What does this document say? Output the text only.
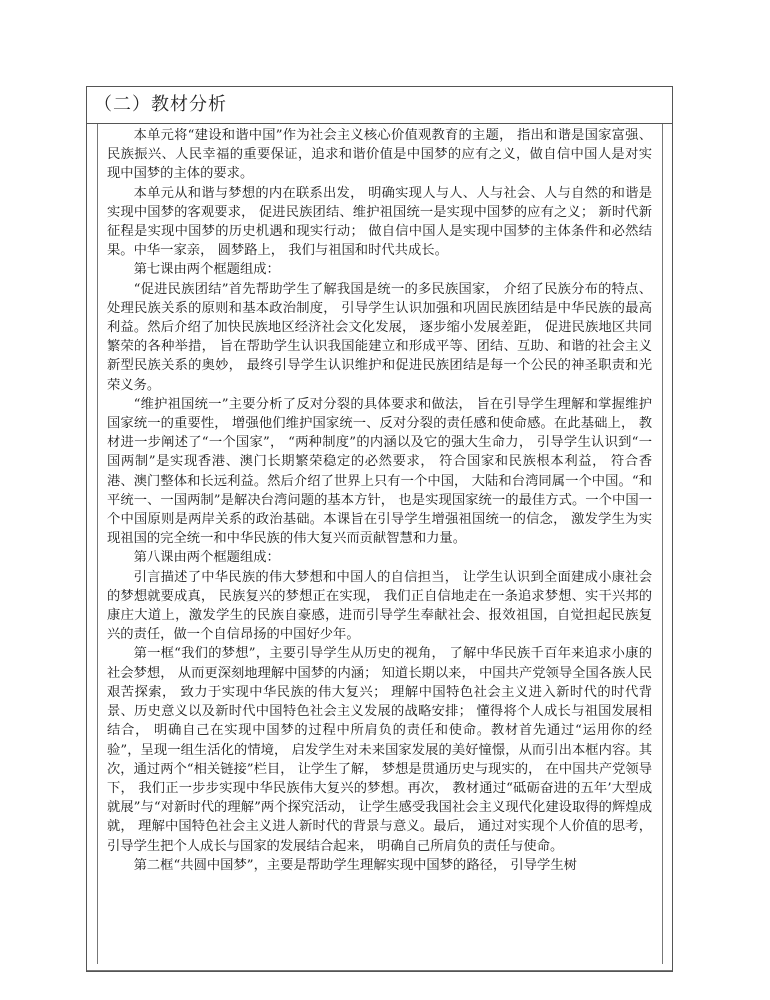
（二）教材分析

本单元将“建设和谐中国”作为社会主义核心价值观教育的主题， 指出和谐是国家富强、民族振兴、人民幸福的重要保证，追求和谐价值是中国梦的应有之义，做自信中国人是对实现中国梦的主体的要求。

本单元从和谐与梦想的内在联系出发， 明确实现人与人、人与社会、人与自然的和谐是实现中国梦的客观要求， 促进民族团结、维护祖国统一是实现中国梦的应有之义； 新时代新征程是实现中国梦的历史机遇和现实行动； 做自信中国人是实现中国梦的主体条件和必然结果。中华一家亲， 圆梦路上， 我们与祖国和时代共成长。

第七课由两个框题组成：

“促进民族团结”首先帮助学生了解我国是统一的多民族国家， 介绍了民族分布的特点、处理民族关系的原则和基本政治制度， 引导学生认识加强和巩固民族团结是中华民族的最高利益。然后介绍了加快民族地区经济社会文化发展， 逐步缩小发展差距， 促进民族地区共同繁荣的各种举措， 旨在帮助学生认识我国能建立和形成平等、团结、互助、和谐的社会主义新型民族关系的奥妙， 最终引导学生认识维护和促进民族团结是每一个公民的神圣职责和光荣义务。

“维护祖国统一”主要分析了反对分裂的具体要求和做法， 旨在引导学生理解和掌握维护国家统一的重要性， 增强他们维护国家统一、反对分裂的责任感和使命感。在此基础上， 教材进一步阐述了“一个国家”， “两种制度”的内涵以及它的强大生命力， 引导学生认识到“一国两制”是实现香港、澳门长期繁荣稳定的必然要求， 符合国家和民族根本利益， 符合香港、澳门整体和长远利益。然后介绍了世界上只有一个中国， 大陆和台湾同属一个中国。“和平统一、一国两制”是解决台湾问题的基本方针， 也是实现国家统一的最佳方式。一个中国一个中国原则是两岸关系的政治基础。本课旨在引导学生增强祖国统一的信念， 激发学生为实现祖国的完全统一和中华民族的伟大复兴而贡献智慧和力量。

第八课由两个框题组成：

引言描述了中华民族的伟大梦想和中国人的自信担当， 让学生认识到全面建成小康社会的梦想就要成真， 民族复兴的梦想正在实现， 我们正自信地走在一条追求梦想、实干兴邦的康庄大道上，激发学生的民族自豪感，进而引导学生奉献社会、报效祖国，自觉担起民族复兴的责任，做一个自信昂扬的中国好少年。

第一框“我们的梦想”，主要引导学生从历史的视角， 了解中华民族千百年来追求小康的社会梦想， 从而更深刻地理解中国梦的内涵； 知道长期以来， 中国共产党领导全国各族人民艰苦探索， 致力于实现中华民族的伟大复兴； 理解中国特色社会主义进入新时代的时代背景、历史意义以及新时代中国特色社会主义发展的战略安排； 懂得将个人成长与祖国发展相结合， 明确自己在实现中国梦的过程中所肩负的责任和使命。教材首先通过“运用你的经验”，呈现一组生活化的情境， 启发学生对未来国家发展的美好憧憬，从而引出本框内容。其次，通过两个“相关链接”栏目， 让学生了解， 梦想是贯通历史与现实的， 在中国共产党领导下， 我们正一步步实现中华民族伟大复兴的梦想。再次， 教材通过“砥砺奋进的五年’大型成就展”与“对新时代的理解”两个探究活动， 让学生感受我国社会主义现代化建设取得的辉煌成就， 理解中国特色社会主义进人新时代的背景与意义。最后， 通过对实现个人价值的思考， 引导学生把个人成长与国家的发展结合起来， 明确自己所肩负的责任与使命。

第二框“共圆中国梦”，主要是帮助学生理解实现中国梦的路径， 引导学生树
